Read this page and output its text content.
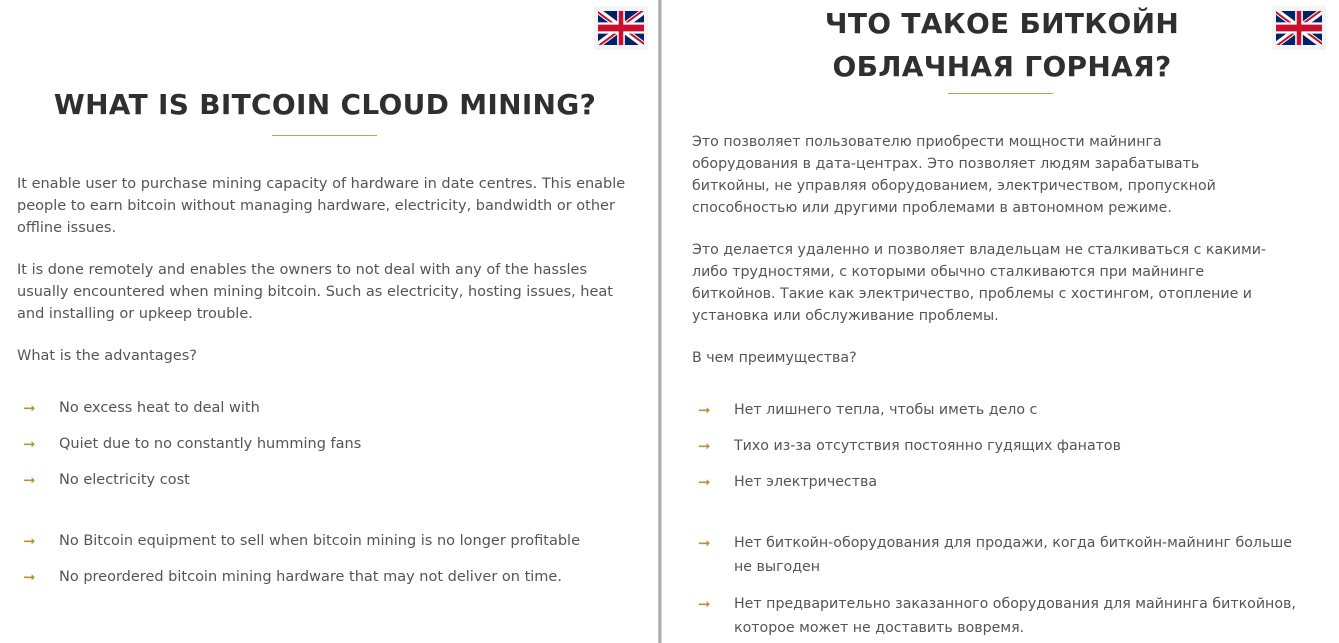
WHAT IS BITCOIN CLOUD MINING?

It enable user to purchase mining capacity of hardware in date centres. This enable people to earn bitcoin without managing hardware, electricity, bandwidth or other offline issues.

It is done remotely and enables the owners to not deal with any of the hassles usually encountered when mining bitcoin. Such as electricity, hosting issues, heat and installing or upkeep trouble.

What is the advantages?

➞	No excess heat to deal with
➞	Quiet due to no constantly humming fans
➞	No electricity cost
➞	No Bitcoin equipment to sell when bitcoin mining is no longer profitable
➞	No preordered bitcoin mining hardware that may not deliver on time.
ЧТО ТАКОЕ БИТКОЙН ОБЛАЧНАЯ ГОРНАЯ?

Это позволяет пользователю приобрести мощности майнинга оборудования в дата-центрах. Это позволяет людям зарабатывать биткойны, не управляя оборудованием, электричеством, пропускной способностью или другими проблемами в автономном режиме.

Это делается удаленно и позволяет владельцам не сталкиваться с какими-либо трудностями, с которыми обычно сталкиваются при майнинге биткойнов. Такие как электричество, проблемы с хостингом, отопление и установка или обслуживание проблемы.

В чем преимущества?

➞	Нет лишнего тепла, чтобы иметь дело с
➞	Тихо из-за отсутствия постоянно гудящих фанатов
➞	Нет электричества
➞	Нет биткойн-оборудования для продажи, когда биткойн-майнинг больше не выгоден
➞	Нет предварительно заказанного оборудования для майнинга биткойнов, которое может не доставить вовремя.
